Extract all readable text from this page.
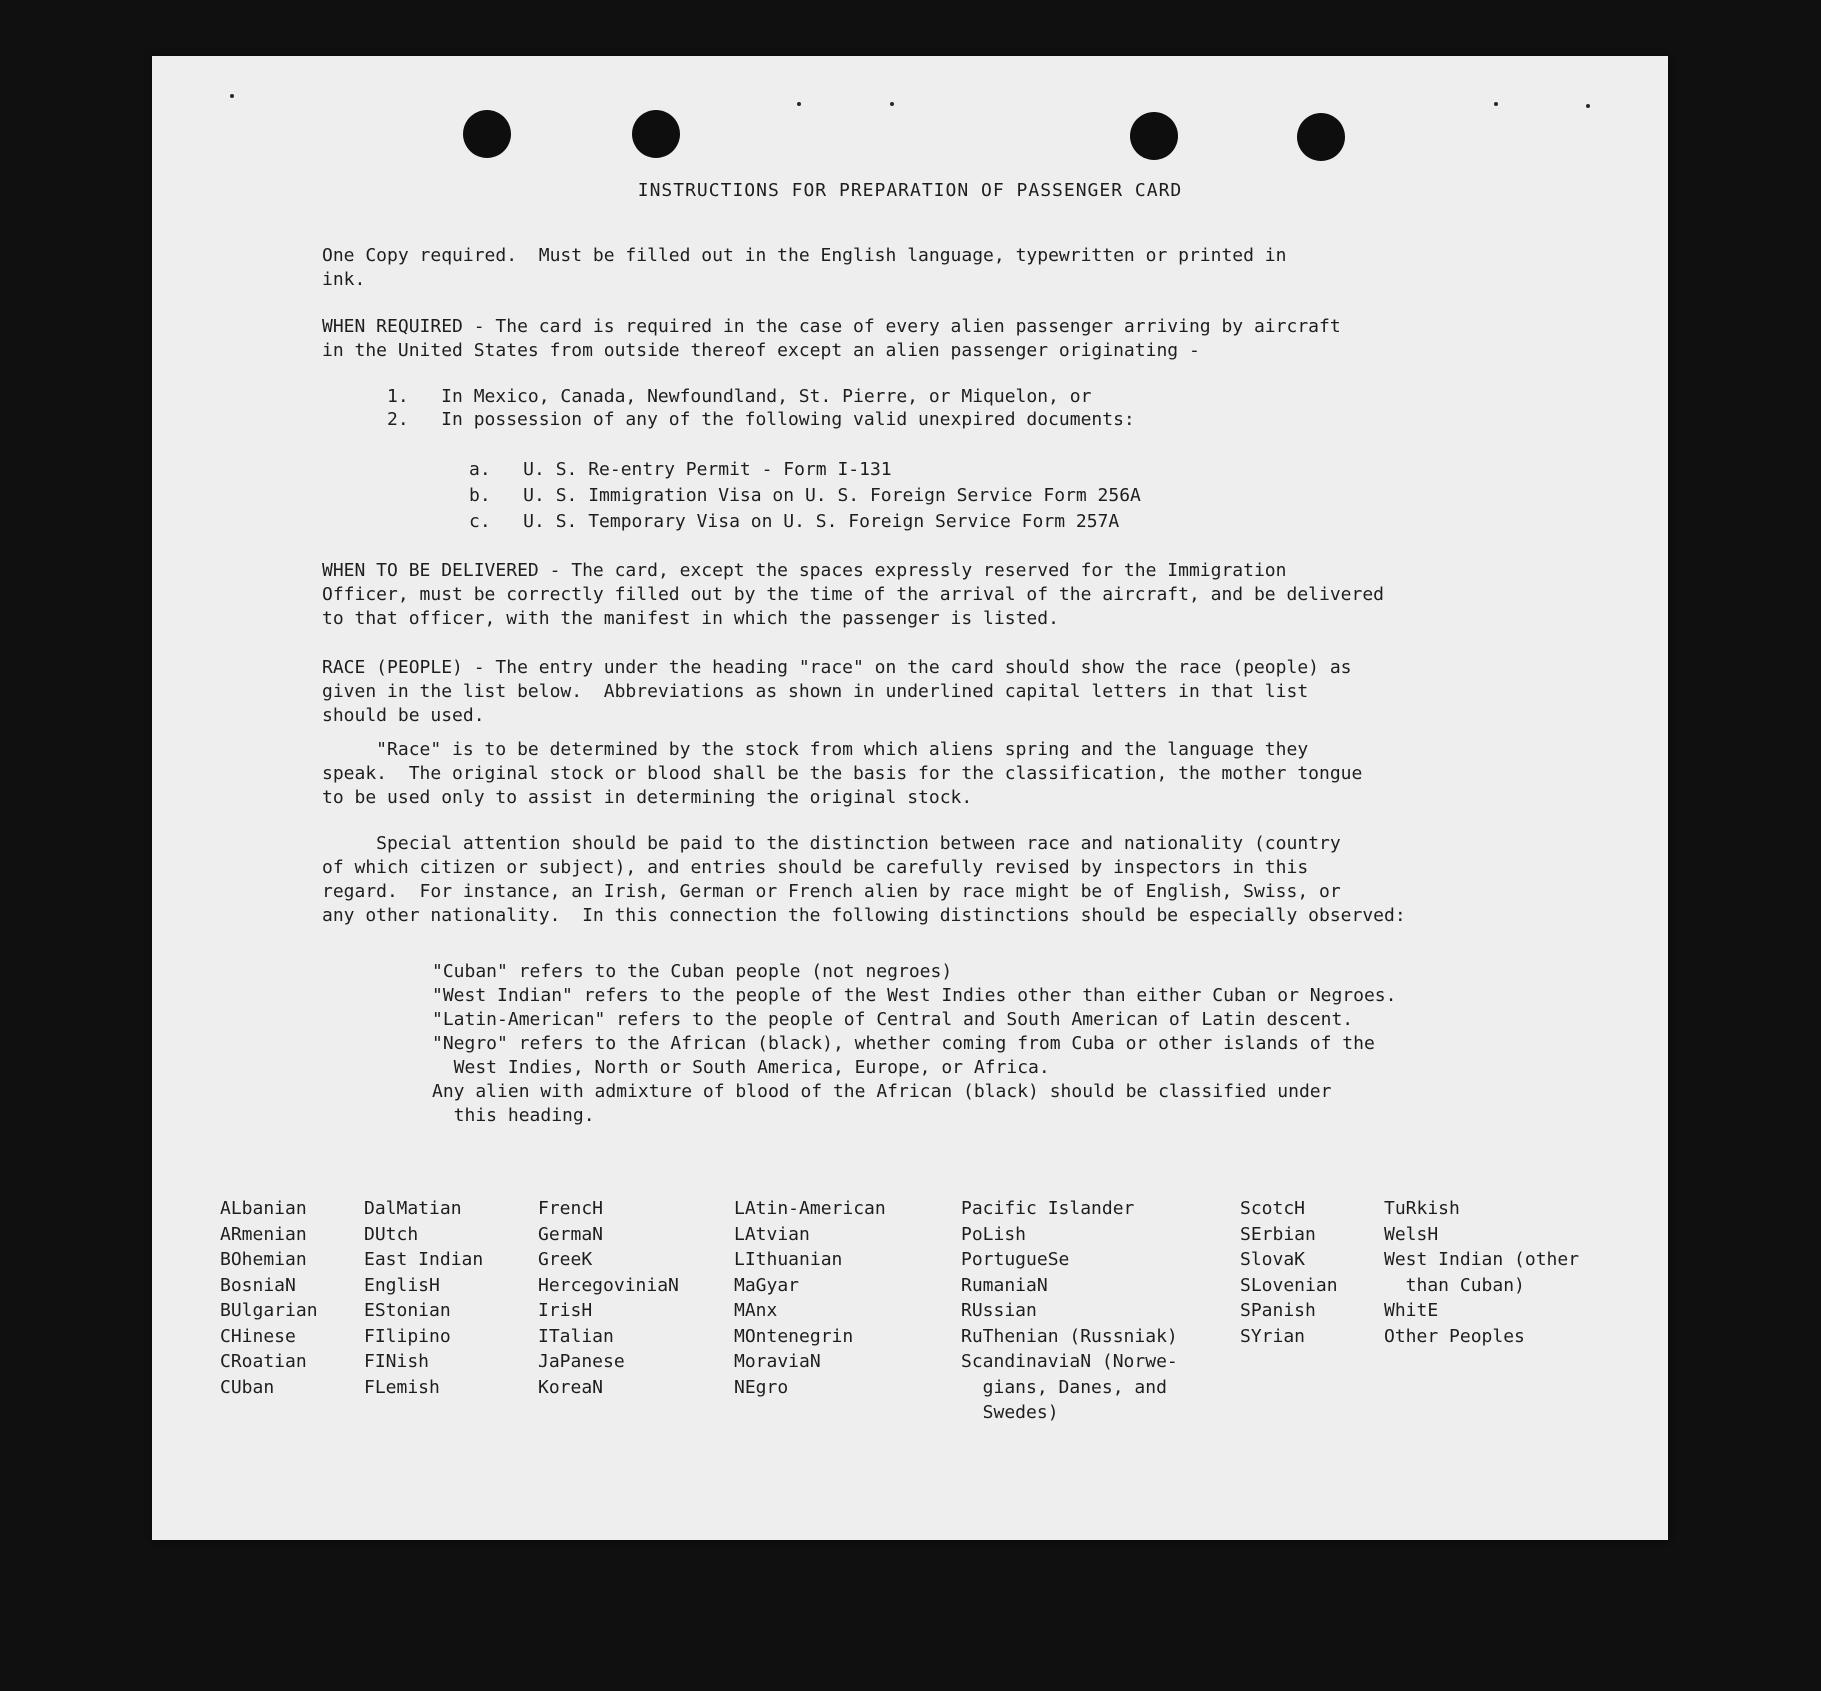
INSTRUCTIONS FOR PREPARATION OF PASSENGER CARD
One Copy required.  Must be filled out in the English language, typewritten or printed in
ink.
WHEN REQUIRED - The card is required in the case of every alien passenger arriving by aircraft
in the United States from outside thereof except an alien passenger originating -
1.   In Mexico, Canada, Newfoundland, St. Pierre, or Miquelon, or
2.   In possession of any of the following valid unexpired documents:
a.   U. S. Re-entry Permit - Form I-131
b.   U. S. Immigration Visa on U. S. Foreign Service Form 256A
c.   U. S. Temporary Visa on U. S. Foreign Service Form 257A
WHEN TO BE DELIVERED - The card, except the spaces expressly reserved for the Immigration
Officer, must be correctly filled out by the time of the arrival of the aircraft, and be delivered
to that officer, with the manifest in which the passenger is listed.
RACE (PEOPLE) - The entry under the heading "race" on the card should show the race (people) as
given in the list below.  Abbreviations as shown in underlined capital letters in that list
should be used.
"Race" is to be determined by the stock from which aliens spring and the language they
speak.  The original stock or blood shall be the basis for the classification, the mother tongue
to be used only to assist in determining the original stock.
Special attention should be paid to the distinction between race and nationality (country
of which citizen or subject), and entries should be carefully revised by inspectors in this
regard.  For instance, an Irish, German or French alien by race might be of English, Swiss, or
any other nationality.  In this connection the following distinctions should be especially observed:
"Cuban" refers to the Cuban people (not negroes)
"West Indian" refers to the people of the West Indies other than either Cuban or Negroes.
"Latin-American" refers to the people of Central and South American of Latin descent.
"Negro" refers to the African (black), whether coming from Cuba or other islands of the
West Indies, North or South America, Europe, or Africa.
Any alien with admixture of blood of the African (black) should be classified under
this heading.
ALbanian
ARmenian
BOhemian
BosniaN
BUlgarian
CHinese
CRoatian
CUban
DalMatian
DUtch
East Indian
EnglisH
EStonian
FIlipino
FINish
FLemish
FrencH
GermaN
GreeK
HercegoviniaN
IrisH
ITalian
JaPanese
KoreaN
LAtin-American
LAtvian
LIthuanian
MaGyar
MAnx
MOntenegrin
MoraviaN
NEgro
Pacific Islander
PoLish
PortugueSe
RumaniaN
RUssian
RuThenian (Russniak)
ScandinaviaN (Norwe-
gians, Danes, and
Swedes)
ScotcH
SErbian
SlovaK
SLovenian
SPanish
SYrian
TuRkish
WelsH
West Indian (other
than Cuban)
WhitE
Other Peoples
